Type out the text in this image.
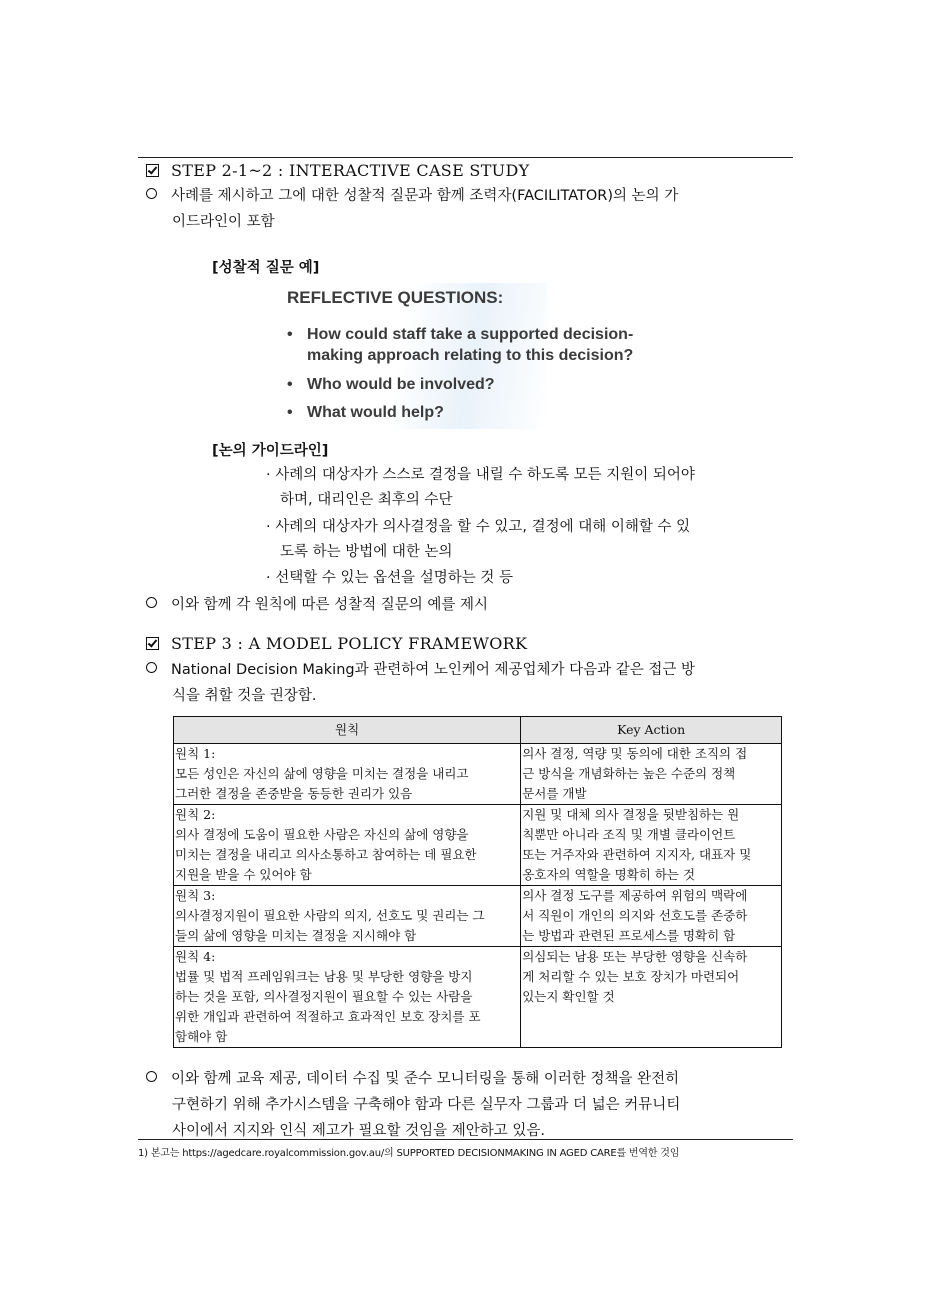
STEP 2-1~2 : INTERACTIVE CASE STUDY
사례를 제시하고 그에 대한 성찰적 질문과 함께 조력자(FACILITATOR)의 논의 가
이드라인이 포함
[성찰적 질문 예]
REFLECTIVE QUESTIONS:
• How could staff take a supported decision-
making approach relating to this decision?
• Who would be involved?
• What would help?
[논의 가이드라인]
· 사례의 대상자가 스스로 결정을 내릴 수 하도록 모든 지원이 되어야
하며, 대리인은 최후의 수단
· 사례의 대상자가 의사결정을 할 수 있고, 결정에 대해 이해할 수 있
도록 하는 방법에 대한 논의
· 선택할 수 있는 옵션을 설명하는 것 등
이와 함께 각 원칙에 따른 성찰적 질문의 예를 제시
STEP 3 : A MODEL POLICY FRAMEWORK
National Decision Making과 관련하여 노인케어 제공업체가 다음과 같은 접근 방
식을 취할 것을 권장함.
원칙	Key Action
원칙 1:
모든 성인은 자신의 삶에 영향을 미치는 결정을 내리고
그러한 결정을 존중받을 동등한 권리가 있음	의사 결정, 역량 및 동의에 대한 조직의 접
근 방식을 개념화하는 높은 수준의 정책
문서를 개발
원칙 2:
의사 결정에 도움이 필요한 사람은 자신의 삶에 영향을
미치는 결정을 내리고 의사소통하고 참여하는 데 필요한
지원을 받을 수 있어야 함	지원 및 대체 의사 결정을 뒷받침하는 원
칙뿐만 아니라 조직 및 개별 클라이언트
또는 거주자와 관련하여 지지자, 대표자 및
옹호자의 역할을 명확히 하는 것
원칙 3:
의사결정지원이 필요한 사람의 의지, 선호도 및 권리는 그
들의 삶에 영향을 미치는 결정을 지시해야 함	의사 결정 도구를 제공하여 위험의 맥락에
서 직원이 개인의 의지와 선호도를 존중하
는 방법과 관련된 프로세스를 명확히 함
원칙 4:
법률 및 법적 프레임워크는 남용 및 부당한 영향을 방지
하는 것을 포함, 의사결정지원이 필요할 수 있는 사람을
위한 개입과 관련하여 적절하고 효과적인 보호 장치를 포
함해야 함	의심되는 남용 또는 부당한 영향을 신속하
게 처리할 수 있는 보호 장치가 마련되어
있는지 확인할 것
이와 함께 교육 제공, 데이터 수집 및 준수 모니터링을 통해 이러한 정책을 완전히
구현하기 위해 추가시스템을 구축해야 함과 다른 실무자 그룹과 더 넓은 커뮤니티
사이에서 지지와 인식 제고가 필요할 것임을 제안하고 있음.
1) 본고는 https://agedcare.royalcommission.gov.au/의 SUPPORTED DECISIONMAKING IN AGED CARE를 번역한 것임
